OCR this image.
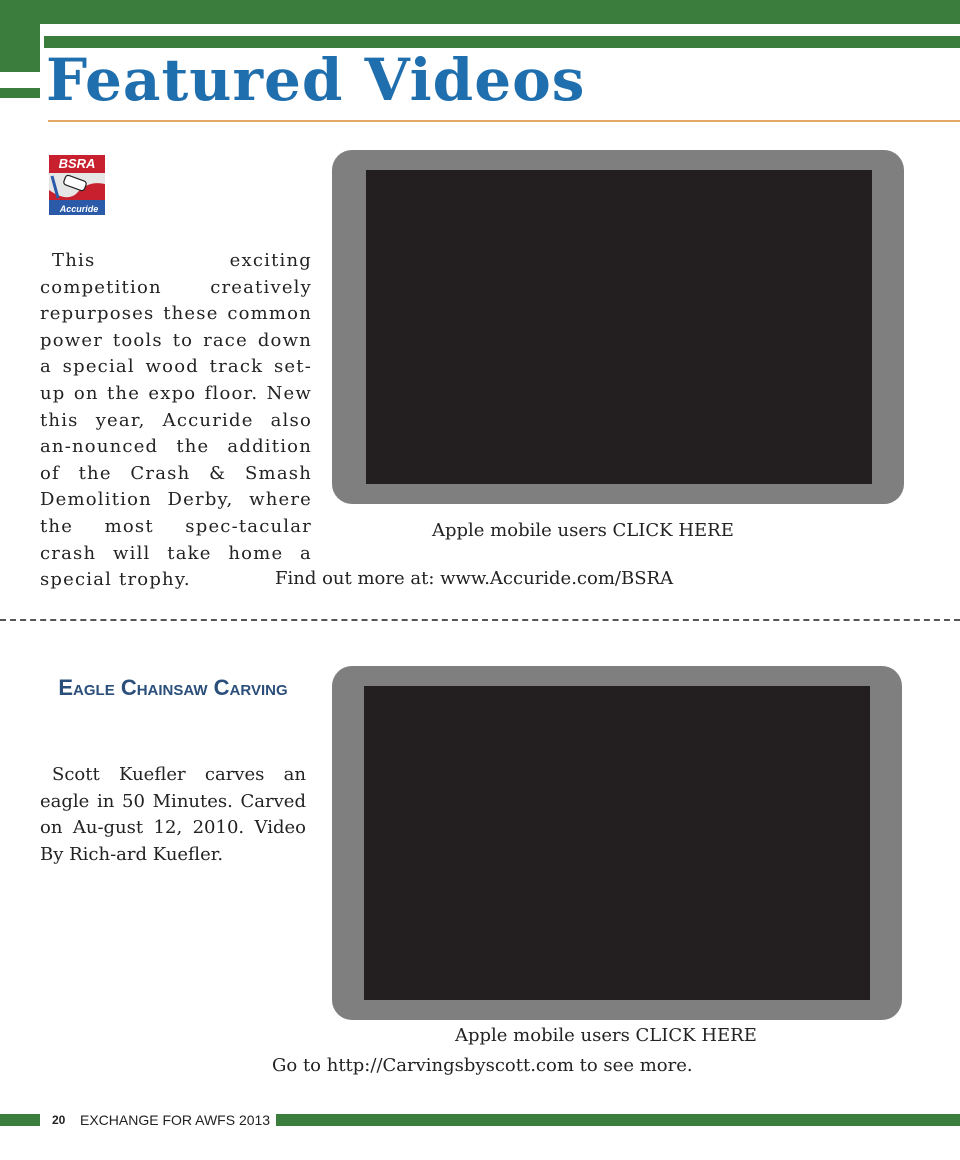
Featured Videos
BSRA
Accuride

This exciting competition creatively repurposes these common power tools to race down a special wood track set-up on the expo floor. New this year, Accuride also an-nounced the addition of the Crash & Smash Demolition Derby, where the most spec-tacular crash will take home a special trophy.

Apple mobile users CLICK HERE

Find out more at: www.Accuride.com/BSRA

Eagle Chainsaw Carving

Scott Kuefler carves an eagle in 50 Minutes. Carved on Au-gust 12, 2010. Video By Rich-ard Kuefler.

Apple mobile users CLICK HERE

Go to http://Carvingsbyscott.com to see more.

20 EXCHANGE FOR AWFS 2013
